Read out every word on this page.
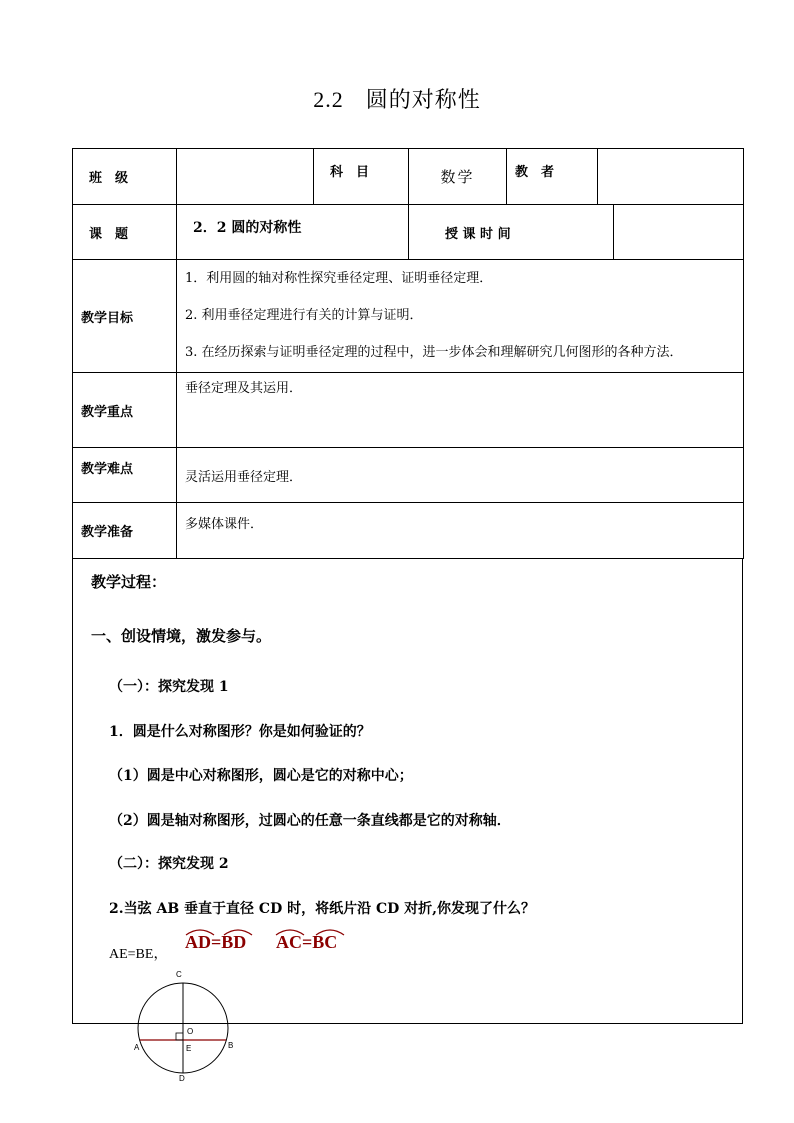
2.2 圆的对称性
班　级		科　目	数学	教　者		
课　题	2．2 圆的对称性		授 课 时 间			
教学目标	1．利用圆的轴对称性探究垂径定理、证明垂径定理．

2. 利用垂径定理进行有关的计算与证明．

3. 在经历探索与证明垂径定理的过程中，进一步体会和理解研究几何图形的各种方法．					

教学重点	垂径定理及其运用．					
教学难点	灵活运用垂径定理．					
教学准备	多媒体课件．					
教学过程：
一、创设情境，激发参与。
（一）：探究发现 1
1．圆是什么对称图形？你是如何验证的？
（1）圆是中心对称图形，圆心是它的对称中心；
（2）圆是轴对称图形，过圆心的任意一条直线都是它的对称轴．
（二）：探究发现 2
2.当弦 AB 垂直于直径 CD 时，将纸片沿 CD 对折,你发现了什么？
AE=BE，
AD=BD AC=BC
C
O
A	B
E
D
